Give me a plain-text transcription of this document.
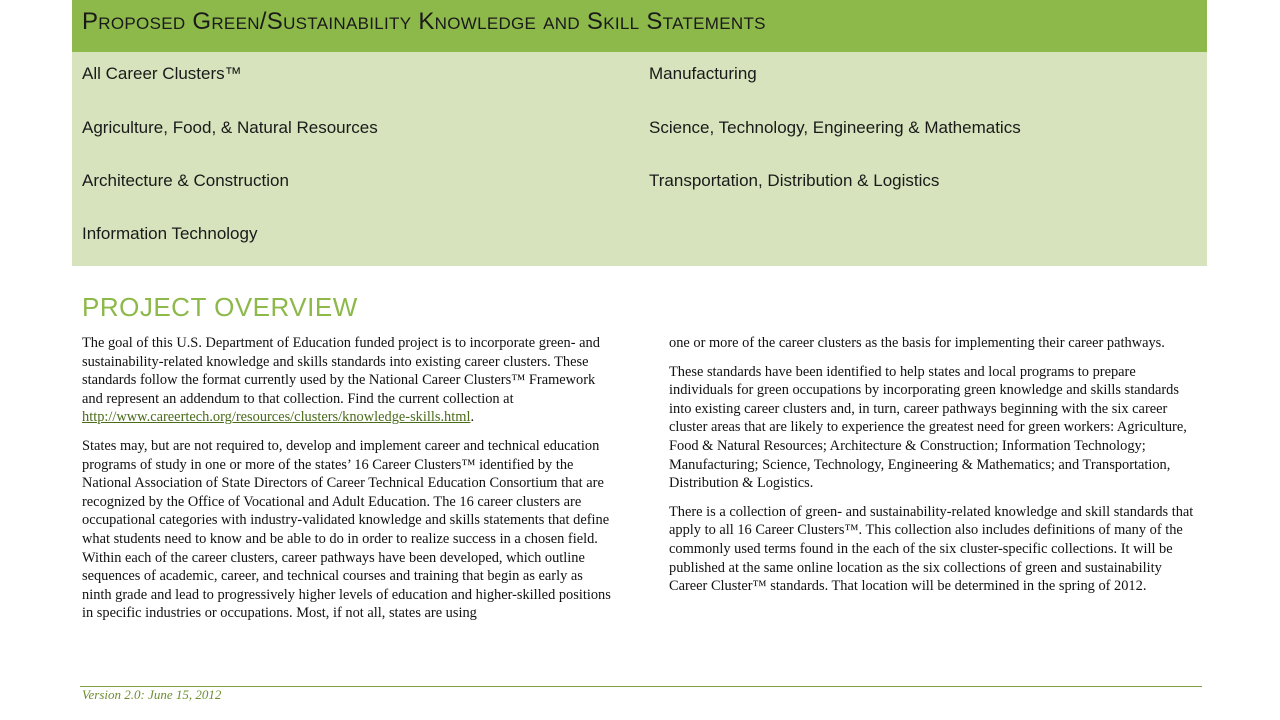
Proposed Green/Sustainability Knowledge and Skill Statements
All Career Clusters™
Agriculture, Food, & Natural Resources
Architecture & Construction
Information Technology
Manufacturing
Science, Technology, Engineering & Mathematics
Transportation, Distribution & Logistics
PROJECT OVERVIEW

The goal of this U.S. Department of Education funded project is to incorporate green- and sustainability-related knowledge and skills standards into existing career clusters. These standards follow the format currently used by the National Career Clusters™ Framework and represent an addendum to that collection. Find the current collection at http://www.careertech.org/resources/clusters/knowledge-skills.html.

States may, but are not required to, develop and implement career and technical education programs of study in one or more of the states’ 16 Career Clusters™ identified by the National Association of State Directors of Career Technical Education Consortium that are recognized by the Office of Vocational and Adult Education. The 16 career clusters are occupational categories with industry-validated knowledge and skills statements that define what students need to know and be able to do in order to realize success in a chosen field. Within each of the career clusters, career pathways have been developed, which outline sequences of academic, career, and technical courses and training that begin as early as ninth grade and lead to progressively higher levels of education and higher-skilled positions in specific industries or occupations. Most, if not all, states are using

one or more of the career clusters as the basis for implementing their career pathways.

These standards have been identified to help states and local programs to prepare individuals for green occupations by incorporating green knowledge and skills standards into existing career clusters and, in turn, career pathways beginning with the six career cluster areas that are likely to experience the greatest need for green workers: Agriculture, Food & Natural Resources; Architecture & Construction; Information Technology; Manufacturing; Science, Technology, Engineering & Mathematics; and Transportation, Distribution & Logistics.

There is a collection of green- and sustainability-related knowledge and skill standards that apply to all 16 Career Clusters™. This collection also includes definitions of many of the commonly used terms found in the each of the six cluster-specific collections. It will be published at the same online location as the six collections of green and sustainability Career Cluster™ standards. That location will be determined in the spring of 2012.

Version 2.0: June 15, 2012
